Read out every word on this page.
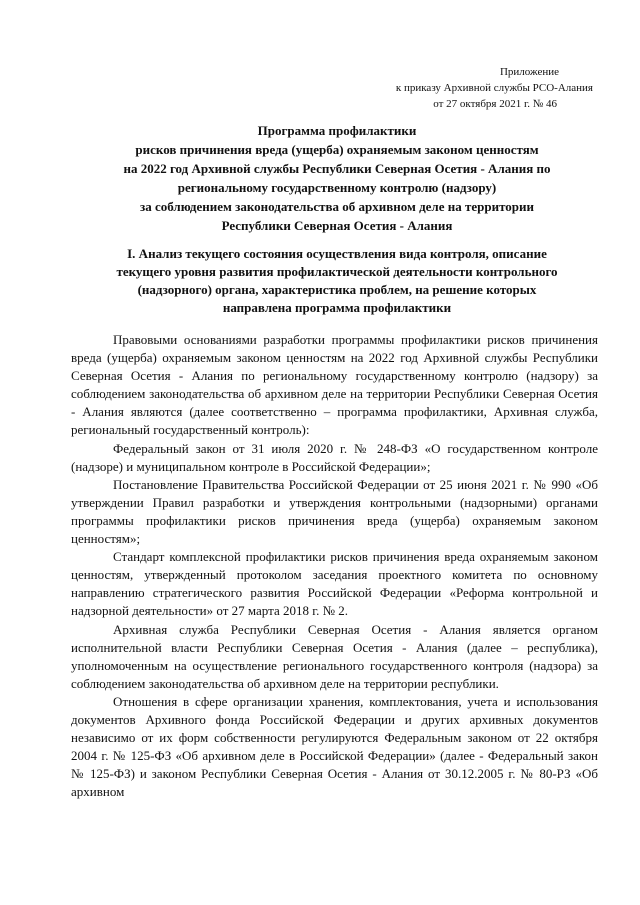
Приложение
к приказу Архивной службы РСО-Алания
от 27 октября 2021 г. № 46
Программа профилактики
рисков причинения вреда (ущерба) охраняемым законом ценностям
на 2022 год Архивной службы Республики Северная Осетия - Алания по
региональному государственному контролю (надзору)
за соблюдением законодательства об архивном деле на территории
Республики Северная Осетия - Алания
I. Анализ текущего состояния осуществления вида контроля, описание
текущего уровня развития профилактической деятельности контрольного
(надзорного) органа, характеристика проблем, на решение которых
направлена программа профилактики

Правовыми основаниями разработки программы профилактики рисков причинения вреда (ущерба) охраняемым законом ценностям на 2022 год Архивной службы Республики Северная Осетия - Алания по региональному государственному контролю (надзору) за соблюдением законодательства об архивном деле на территории Республики Северная Осетия - Алания являются (далее соответственно – программа профилактики, Архивная служба, региональный государственный контроль):

Федеральный закон от 31 июля 2020 г. № 248-ФЗ «О государственном контроле (надзоре) и муниципальном контроле в Российской Федерации»;

Постановление Правительства Российской Федерации от 25 июня 2021 г. № 990 «Об утверждении Правил разработки и утверждения контрольными (надзорными) органами программы профилактики рисков причинения вреда (ущерба) охраняемым законом ценностям»;

Стандарт комплексной профилактики рисков причинения вреда охраняемым законом ценностям, утвержденный протоколом заседания проектного комитета по основному направлению стратегического развития Российской Федерации «Реформа контрольной и надзорной деятельности» от 27 марта 2018 г. № 2.

Архивная служба Республики Северная Осетия - Алания является органом исполнительной власти Республики Северная Осетия - Алания (далее – республика), уполномоченным на осуществление регионального государственного контроля (надзора) за соблюдением законодательства об архивном деле на территории республики.

Отношения в сфере организации хранения, комплектования, учета и использования документов Архивного фонда Российской Федерации и других архивных документов независимо от их форм собственности регулируются Федеральным законом от 22 октября 2004 г. № 125-ФЗ «Об архивном деле в Российской Федерации» (далее - Федеральный закон № 125-ФЗ) и законом Республики Северная Осетия - Алания от 30.12.2005 г. № 80-РЗ «Об архивном
